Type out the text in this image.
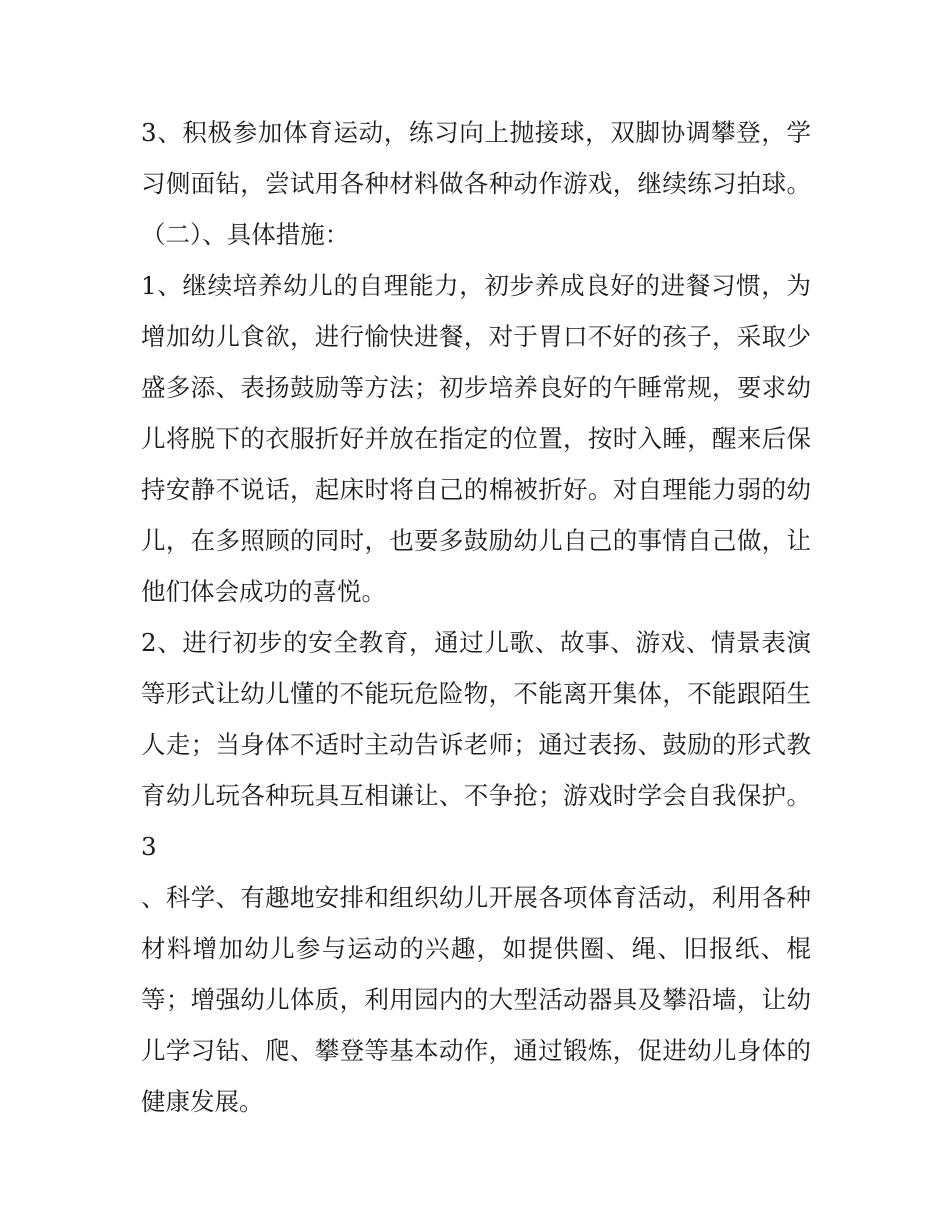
3、积极参加体育运动，练习向上抛接球，双脚协调攀登，学
习侧面钻，尝试用各种材料做各种动作游戏，继续练习拍球。
（二）、具体措施：
1、继续培养幼儿的自理能力，初步养成良好的进餐习惯，为
增加幼儿食欲，进行愉快进餐，对于胃口不好的孩子，采取少
盛多添、表扬鼓励等方法；初步培养良好的午睡常规，要求幼
儿将脱下的衣服折好并放在指定的位置，按时入睡，醒来后保
持安静不说话，起床时将自己的棉被折好。对自理能力弱的幼
儿，在多照顾的同时，也要多鼓励幼儿自己的事情自己做，让
他们体会成功的喜悦。
2、进行初步的安全教育，通过儿歌、故事、游戏、情景表演
等形式让幼儿懂的不能玩危险物，不能离开集体，不能跟陌生
人走；当身体不适时主动告诉老师；通过表扬、鼓励的形式教
育幼儿玩各种玩具互相谦让、不争抢；游戏时学会自我保护。
3
、科学、有趣地安排和组织幼儿开展各项体育活动，利用各种
材料增加幼儿参与运动的兴趣，如提供圈、绳、旧报纸、棍
等；增强幼儿体质，利用园内的大型活动器具及攀沿墙，让幼
儿学习钻、爬、攀登等基本动作，通过锻炼，促进幼儿身体的
健康发展。
